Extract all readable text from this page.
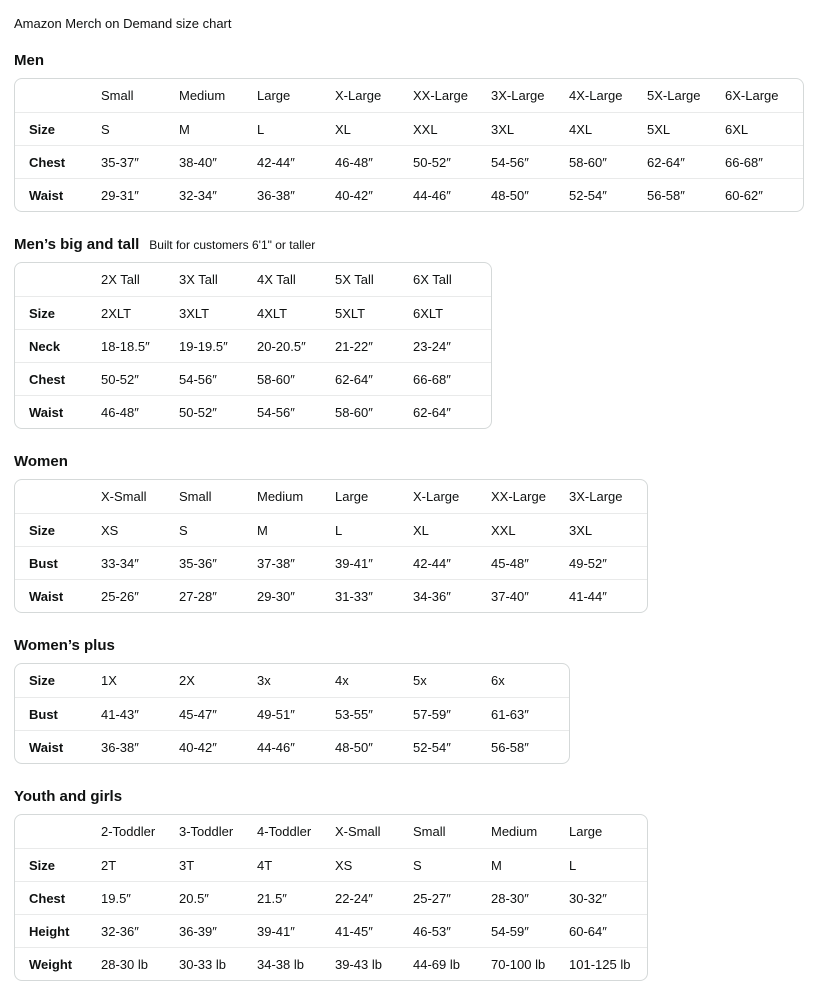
Amazon Merch on Demand size chart
Men
	Small	Medium	Large	X-Large	XX-Large	3X-Large	4X-Large	5X-Large	6X-Large
Size	S	M	L	XL	XXL	3XL	4XL	5XL	6XL
Chest	35-37″	38-40″	42-44″	46-48″	50-52″	54-56″	58-60″	62-64″	66-68″
Waist	29-31″	32-34″	36-38″	40-42″	44-46″	48-50″	52-54″	56-58″	60-62″
Men’s big and tall Built for customers 6'1" or taller
	2X Tall	3X Tall	4X Tall	5X Tall	6X Tall
Size	2XLT	3XLT	4XLT	5XLT	6XLT
Neck	18-18.5″	19-19.5″	20-20.5″	21-22″	23-24″
Chest	50-52″	54-56″	58-60″	62-64″	66-68″
Waist	46-48″	50-52″	54-56″	58-60″	62-64″
Women
	X-Small	Small	Medium	Large	X-Large	XX-Large	3X-Large
Size	XS	S	M	L	XL	XXL	3XL
Bust	33-34″	35-36″	37-38″	39-41″	42-44″	45-48″	49-52″
Waist	25-26″	27-28″	29-30″	31-33″	34-36″	37-40″	41-44″
Women’s plus
Size	1X	2X	3x	4x	5x	6x
Bust	41-43″	45-47″	49-51″	53-55″	57-59″	61-63″
Waist	36-38″	40-42″	44-46″	48-50″	52-54″	56-58″
Youth and girls
	2-Toddler	3-Toddler	4-Toddler	X-Small	Small	Medium	Large
Size	2T	3T	4T	XS	S	M	L
Chest	19.5″	20.5″	21.5″	22-24″	25-27″	28-30″	30-32″
Height	32-36″	36-39″	39-41″	41-45″	46-53″	54-59″	60-64″
Weight	28-30 lb	30-33 lb	34-38 lb	39-43 lb	44-69 lb	70-100 lb	101-125 lb
